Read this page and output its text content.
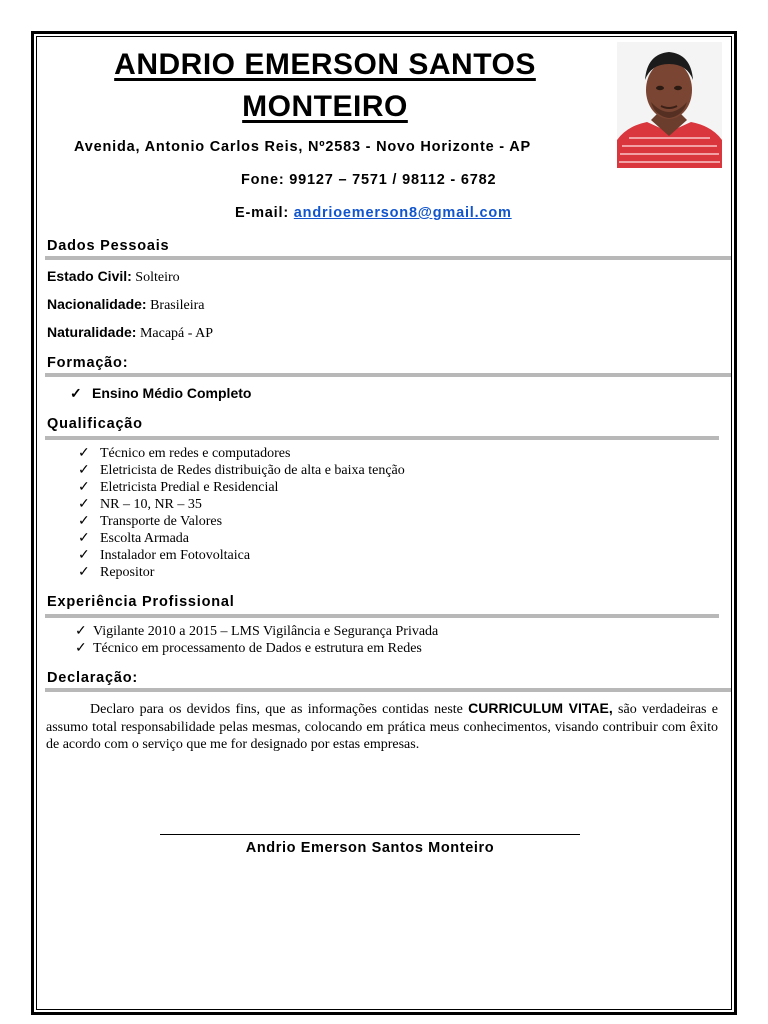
ANDRIO EMERSON SANTOS MONTEIRO
Avenida, Antonio Carlos Reis, Nº2583 - Novo Horizonte - AP
Fone: 99127 – 7571 / 98112 - 6782
E-mail: andrioemerson8@gmail.com
Dados Pessoais
Estado Civil: Solteiro
Nacionalidade: Brasileira
Naturalidade: Macapá - AP
Formação:
✓ Ensino Médio Completo
Qualificação
✓ Técnico em redes e computadores
✓ Eletricista de Redes distribuição de alta e baixa tenção
✓ Eletricista Predial e Residencial
✓ NR – 10, NR – 35
✓ Transporte de Valores
✓ Escolta Armada
✓ Instalador em Fotovoltaica
✓ Repositor
Experiência Profissional
✓ Vigilante 2010 a 2015 – LMS Vigilância e Segurança Privada
✓ Técnico em processamento de Dados e estrutura em Redes
Declaração:
Declaro para os devidos fins, que as informações contidas neste CURRICULUM VITAE, são verdadeiras e assumo total responsabilidade pelas mesmas, colocando em prática meus conhecimentos, visando contribuir com êxito de acordo com o serviço que me for designado por estas empresas.
Andrio Emerson Santos Monteiro
